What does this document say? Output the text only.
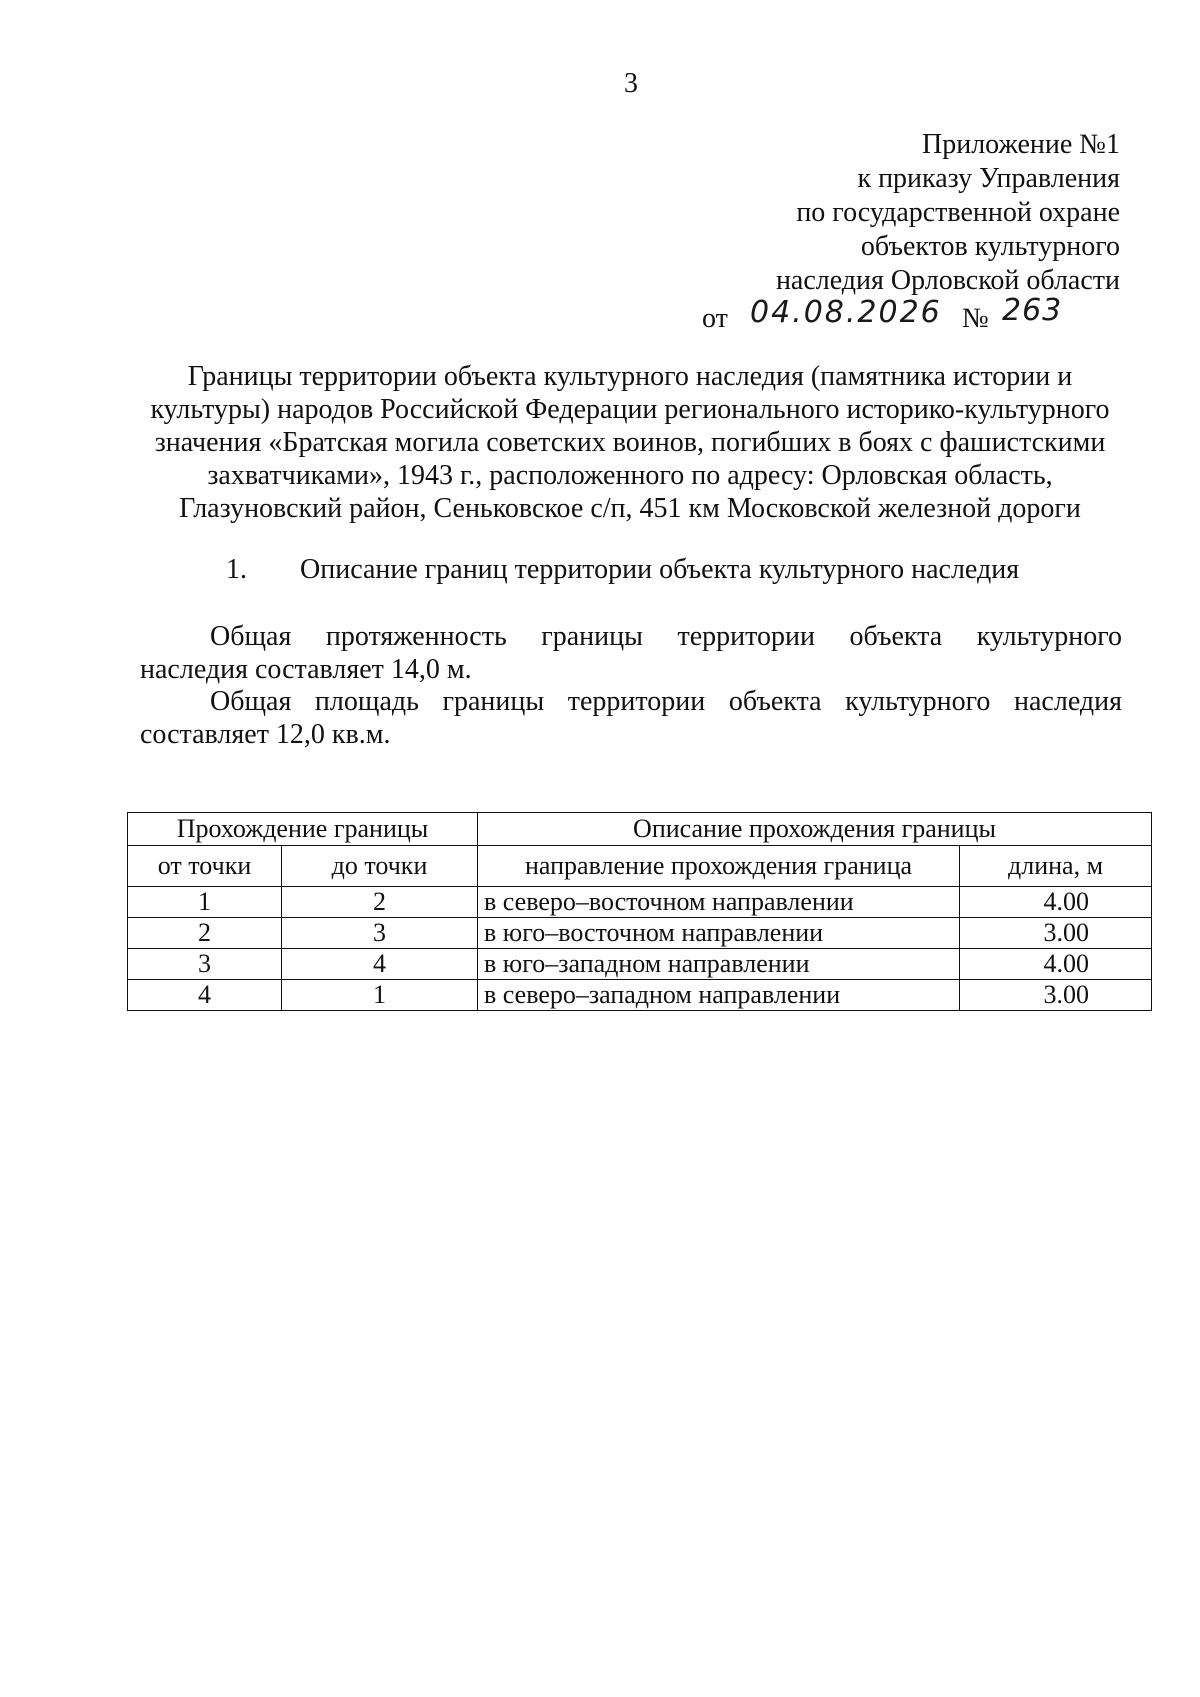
3
Приложение №1
к приказу Управления
по государственной охране
объектов культурного
наследия Орловской области
от 04.08.2026 № 263
Границы территории объекта культурного наследия (памятника истории и
культуры) народов Российской Федерации регионального историко-культурного
значения «Братская могила советских воинов, погибших в боях с фашистскими
захватчиками», 1943 г., расположенного по адресу: Орловская область,
Глазуновский район, Сеньковское с/п, 451 км Московской железной дороги
1. Описание границ территории объекта культурного наследия
Общая протяженность границы территории объекта культурного
наследия составляет 14,0 м.
Общая площадь границы территории объекта культурного наследия
составляет 12,0 кв.м.
Прохождение границы		Описание прохождения границы	
от точки	до точки	направление прохождения граница	длина, м
1	2	в северо–восточном направлении	4.00
2	3	в юго–восточном направлении	3.00
3	4	в юго–западном направлении	4.00
4	1	в северо–западном направлении	3.00
